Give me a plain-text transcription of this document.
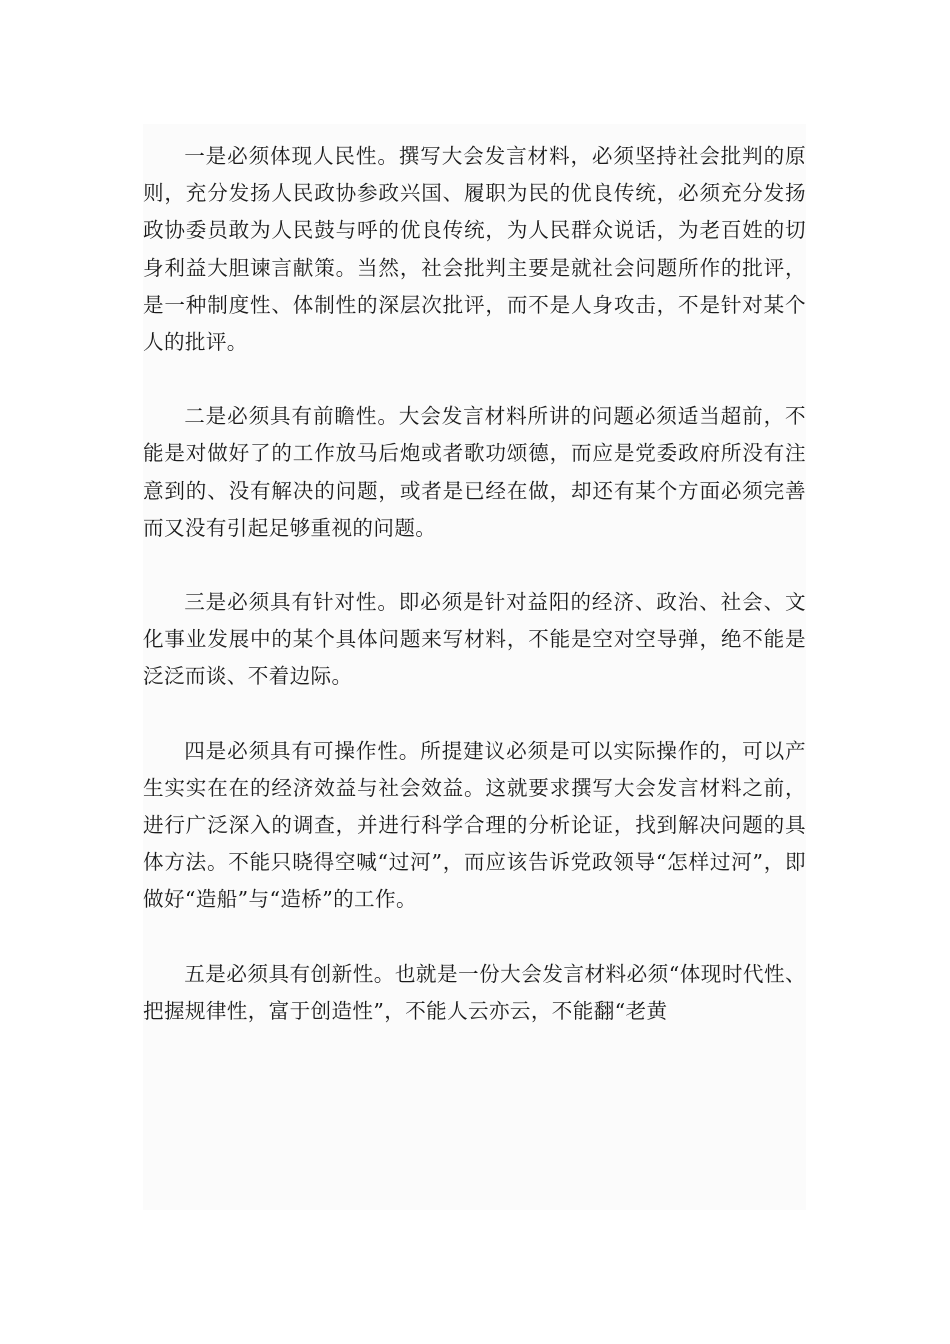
一是必须体现人民性。撰写大会发言材料，必须坚持社会批判的原则，充分发扬人民政协参政兴国、履职为民的优良传统，必须充分发扬政协委员敢为人民鼓与呼的优良传统，为人民群众说话，为老百姓的切身利益大胆谏言献策。当然，社会批判主要是就社会问题所作的批评，是一种制度性、体制性的深层次批评，而不是人身攻击，不是针对某个人的批评。

二是必须具有前瞻性。大会发言材料所讲的问题必须适当超前，不能是对做好了的工作放马后炮或者歌功颂德，而应是党委政府所没有注意到的、没有解决的问题，或者是已经在做，却还有某个方面必须完善而又没有引起足够重视的问题。

三是必须具有针对性。即必须是针对益阳的经济、政治、社会、文化事业发展中的某个具体问题来写材料，不能是空对空导弹，绝不能是泛泛而谈、不着边际。

四是必须具有可操作性。所提建议必须是可以实际操作的，可以产生实实在在的经济效益与社会效益。这就要求撰写大会发言材料之前，进行广泛深入的调查，并进行科学合理的分析论证，找到解决问题的具体方法。不能只晓得空喊“过河”，而应该告诉党政领导“怎样过河”，即做好“造船”与“造桥”的工作。

五是必须具有创新性。也就是一份大会发言材料必须“体现时代性、把握规律性，富于创造性”，不能人云亦云，不能翻“老黄
